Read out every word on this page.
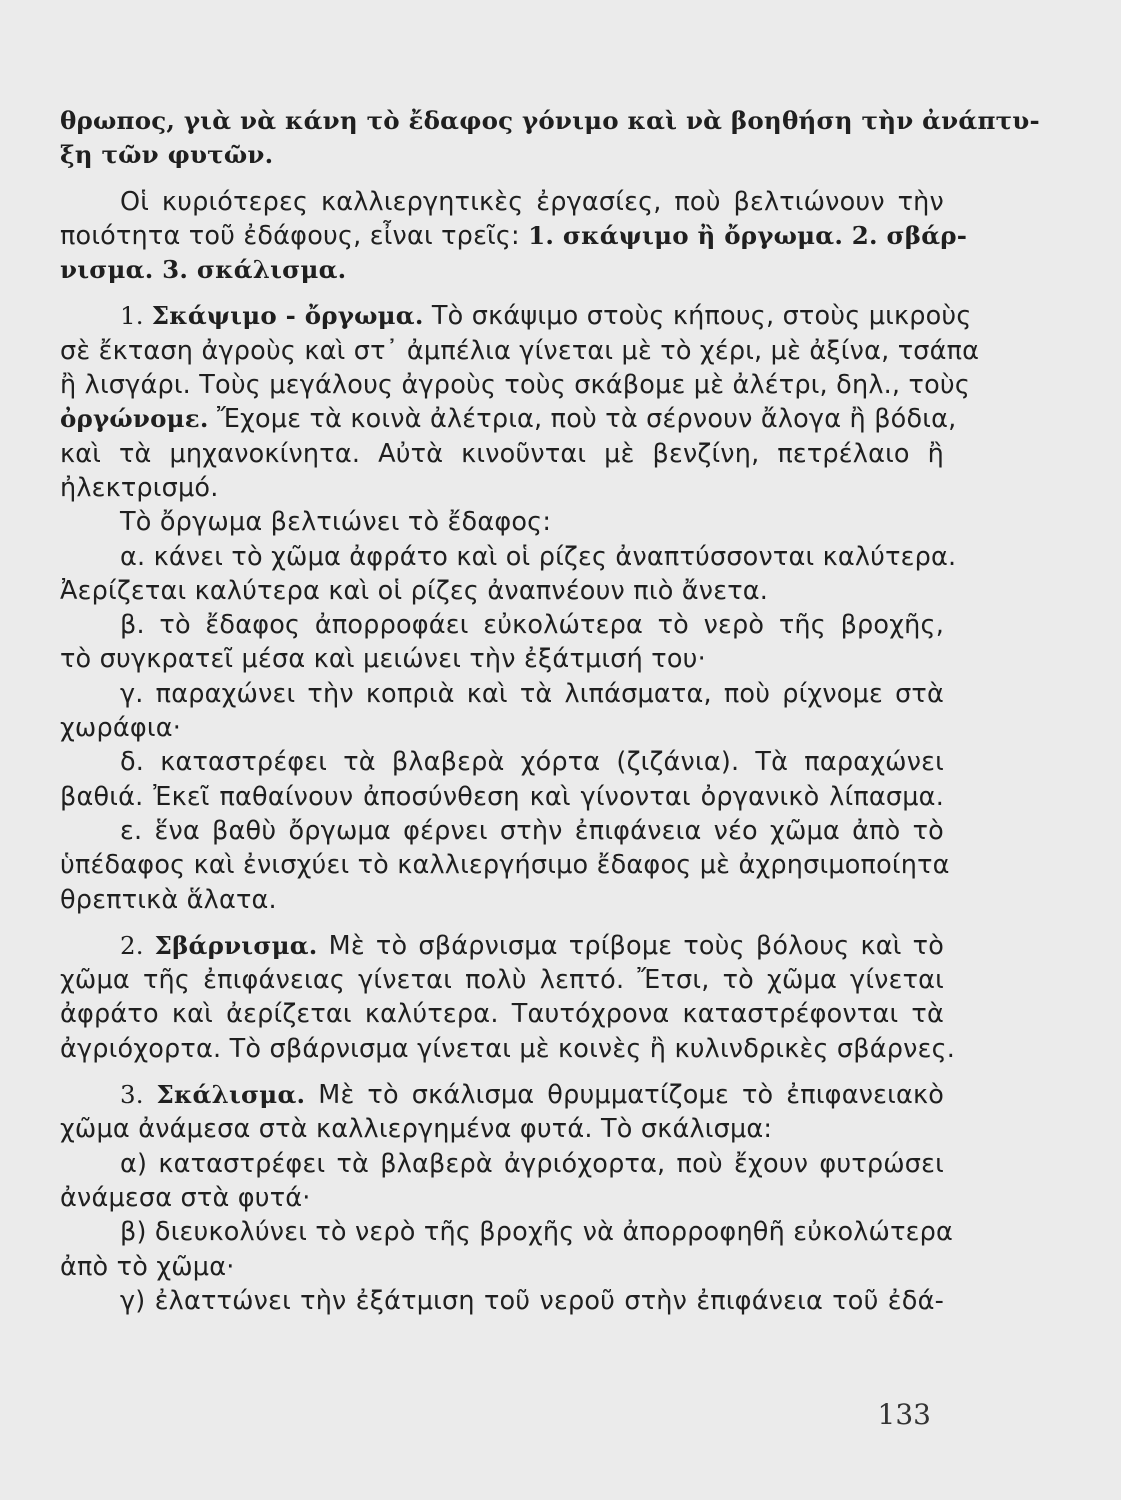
θρωπος, γιὰ νὰ κάνη τὸ ἔδαφος γόνιμο καὶ νὰ βοηθήση τὴν ἀνάπτυ-
ξη τῶν φυτῶν.
Οἱ κυριότερες καλλιεργητικὲς ἐργασίες, ποὺ βελτιώνουν τὴν
ποιότητα τοῦ ἐδάφους, εἶναι τρεῖς: 1. σκάψιμο ἢ ὄργωμα. 2. σβάρ-
νισμα. 3. σκάλισμα.
1. Σκάψιμο - ὄργωμα. Τὸ σκάψιμο στοὺς κήπους, στοὺς μικροὺς
σὲ ἔκταση ἀγροὺς καὶ στ᾽ ἀμπέλια γίνεται μὲ τὸ χέρι, μὲ ἀξίνα, τσάπα
ἢ λισγάρι. Τοὺς μεγάλους ἀγροὺς τοὺς σκάβομε μὲ ἀλέτρι, δηλ., τοὺς
ὀργώνομε. Ἔχομε τὰ κοινὰ ἀλέτρια, ποὺ τὰ σέρνουν ἄλογα ἢ βόδια,
καὶ τὰ μηχανοκίνητα. Αὐτὰ κινοῦνται μὲ βενζίνη, πετρέλαιο ἢ
ἠλεκτρισμό.
Τὸ ὄργωμα βελτιώνει τὸ ἔδαφος:
α. κάνει τὸ χῶμα ἀφράτο καὶ οἱ ρίζες ἀναπτύσσονται καλύτερα.
Ἀερίζεται καλύτερα καὶ οἱ ρίζες ἀναπνέουν πιὸ ἄνετα.
β. τὸ ἔδαφος ἀπορροφάει εὐκολώτερα τὸ νερὸ τῆς βροχῆς,
τὸ συγκρατεῖ μέσα καὶ μειώνει τὴν ἐξάτμισή του·
γ. παραχώνει τὴν κοπριὰ καὶ τὰ λιπάσματα, ποὺ ρίχνομε στὰ
χωράφια·
δ. καταστρέφει τὰ βλαβερὰ χόρτα (ζιζάνια). Τὰ παραχώνει
βαθιά. Ἐκεῖ παθαίνουν ἀποσύνθεση καὶ γίνονται ὀργανικὸ λίπασμα.
ε. ἕνα βαθὺ ὄργωμα φέρνει στὴν ἐπιφάνεια νέο χῶμα ἀπὸ τὸ
ὑπέδαφος καὶ ἐνισχύει τὸ καλλιεργήσιμο ἔδαφος μὲ ἀχρησιμοποίητα
θρεπτικὰ ἅλατα.
2. Σβάρνισμα. Μὲ τὸ σβάρνισμα τρίβομε τοὺς βόλους καὶ τὸ
χῶμα τῆς ἐπιφάνειας γίνεται πολὺ λεπτό. Ἔτσι, τὸ χῶμα γίνεται
ἀφράτο καὶ ἀερίζεται καλύτερα. Ταυτόχρονα καταστρέφονται τὰ
ἀγριόχορτα. Τὸ σβάρνισμα γίνεται μὲ κοινὲς ἢ κυλινδρικὲς σβάρνες.
3. Σκάλισμα. Μὲ τὸ σκάλισμα θρυμματίζομε τὸ ἐπιφανειακὸ
χῶμα ἀνάμεσα στὰ καλλιεργημένα φυτά. Τὸ σκάλισμα:
α) καταστρέφει τὰ βλαβερὰ ἀγριόχορτα, ποὺ ἔχουν φυτρώσει
ἀνάμεσα στὰ φυτά·
β) διευκολύνει τὸ νερὸ τῆς βροχῆς νὰ ἀπορροφηθῆ εὐκολώτερα
ἀπὸ τὸ χῶμα·
γ) ἐλαττώνει τὴν ἐξάτμιση τοῦ νεροῦ στὴν ἐπιφάνεια τοῦ ἐδά-
133
